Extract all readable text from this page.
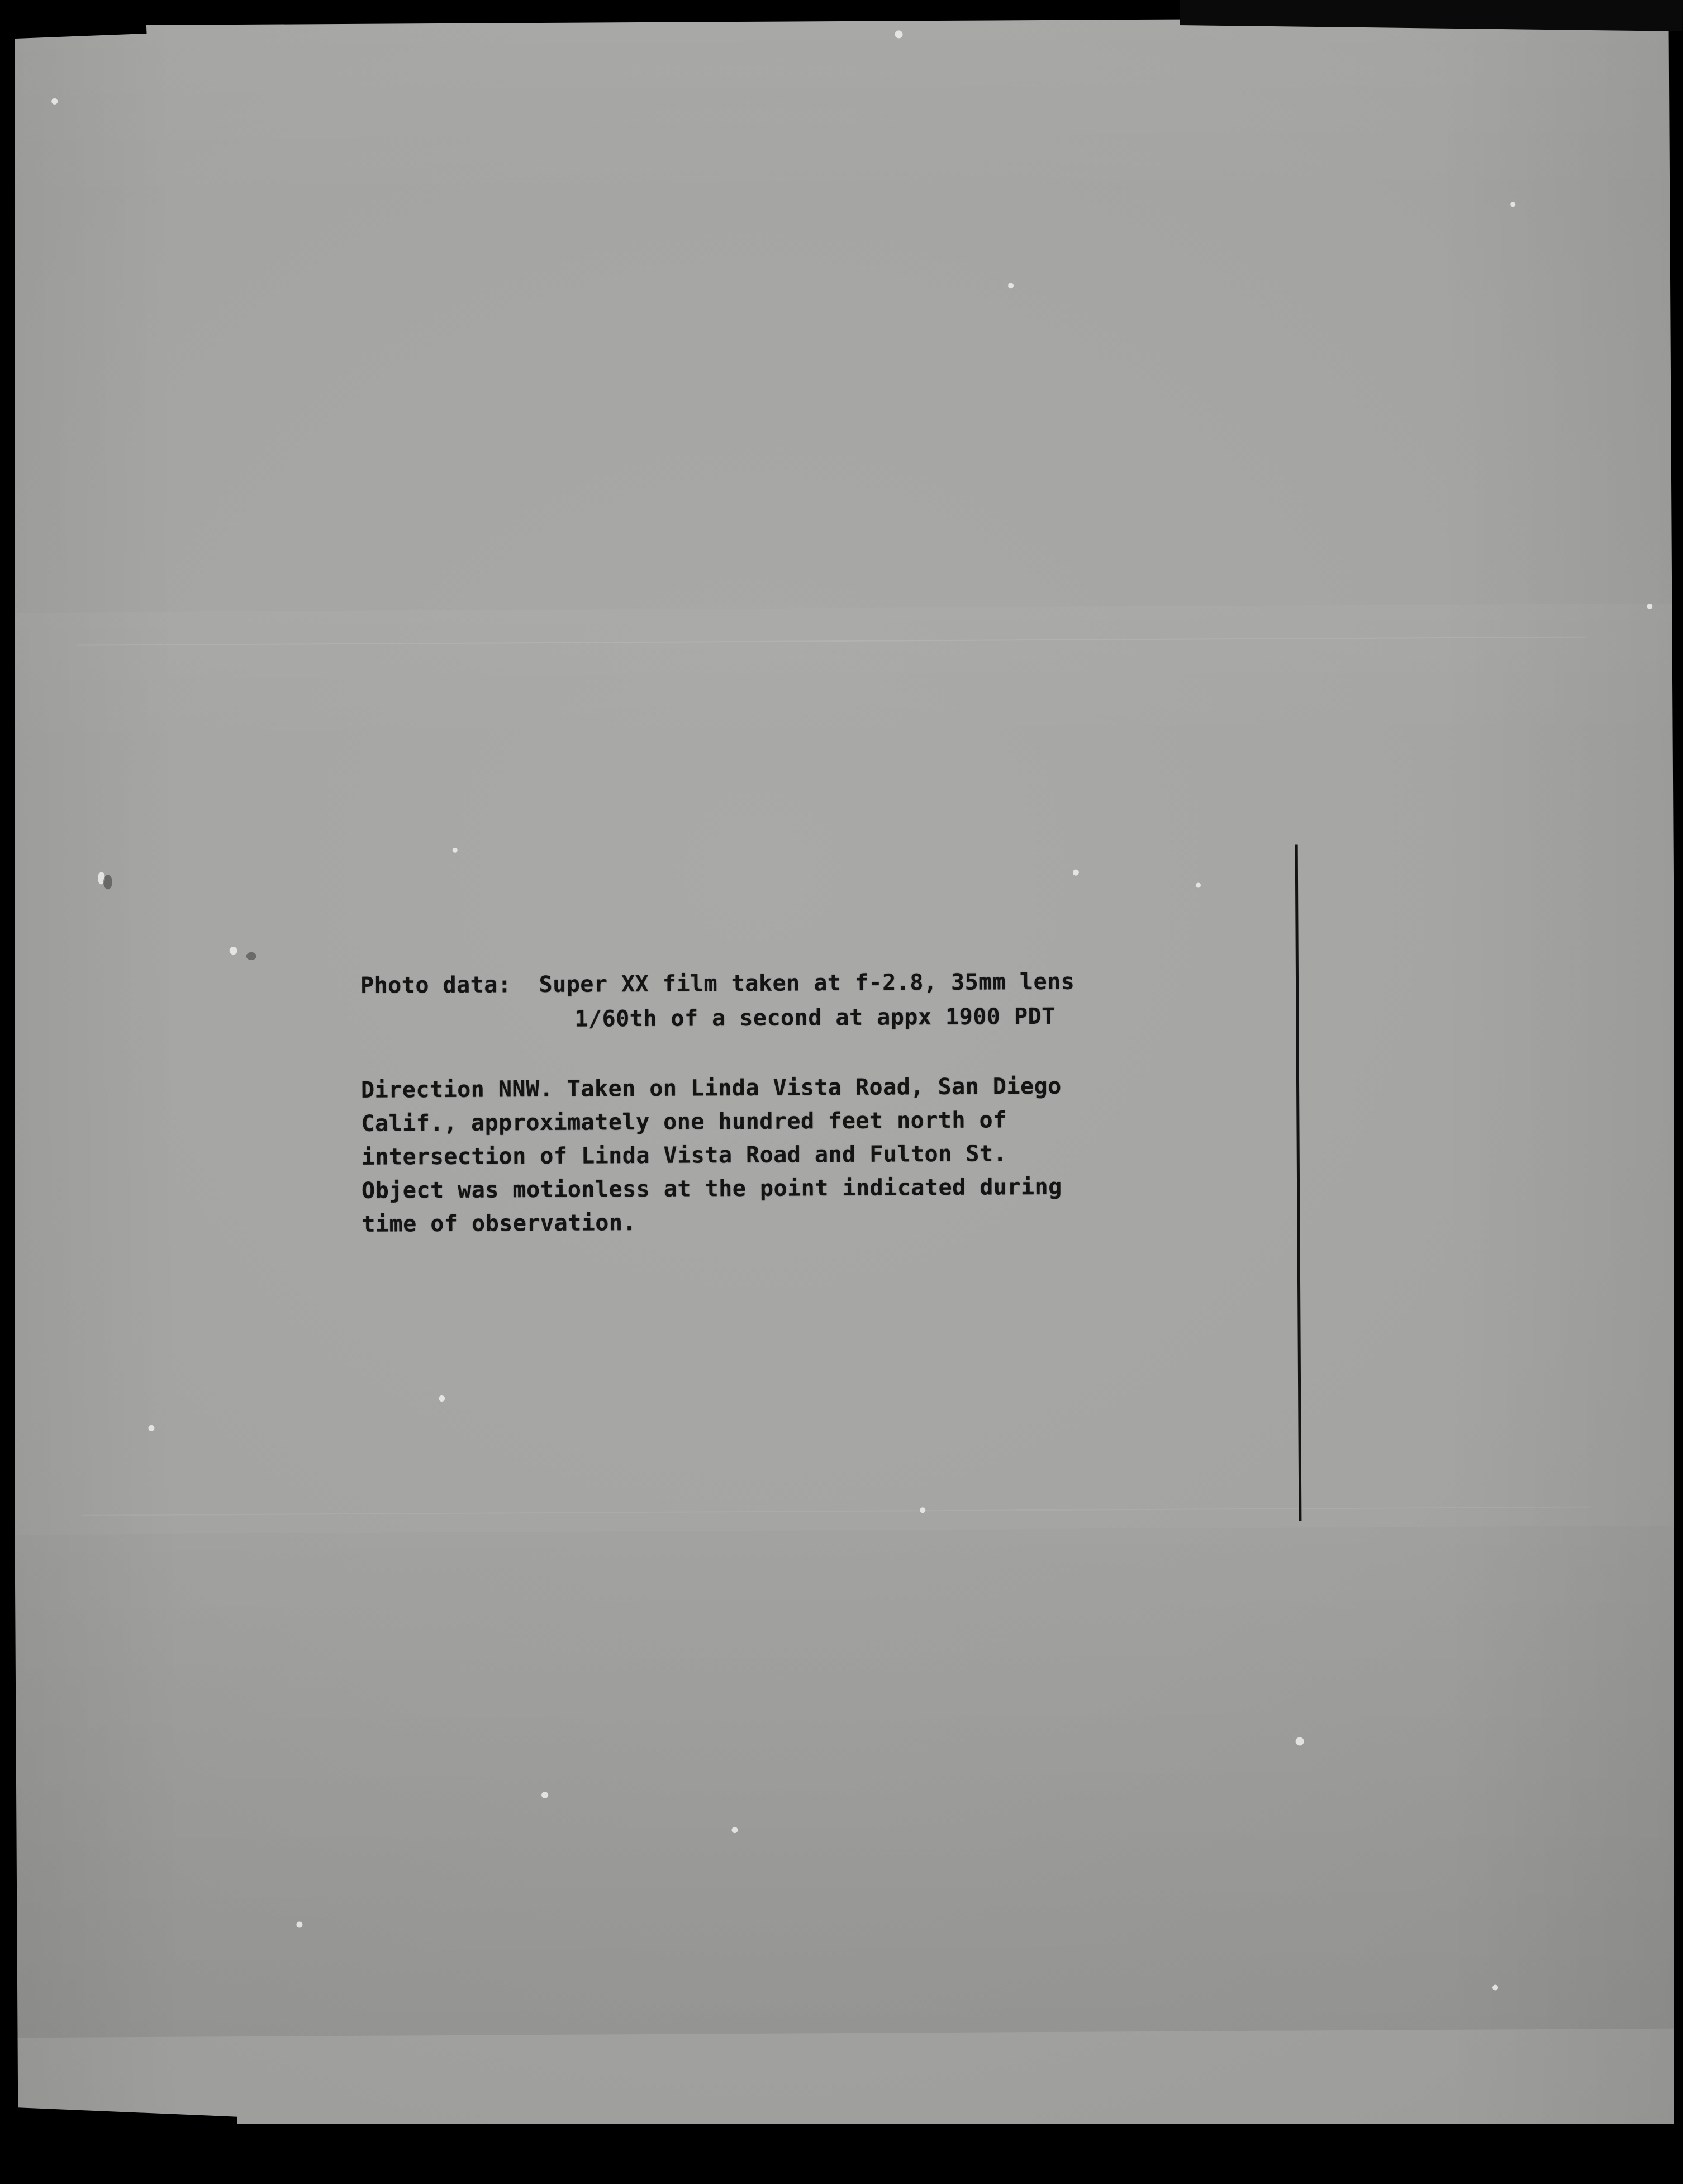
Photo data: Super XX film taken at f-2.8, 35mm lens
1/60th of a second at appx 1900 PDT
Direction NNW. Taken on Linda Vista Road, San Diego
Calif., approximately one hundred feet north of
intersection of Linda Vista Road and Fulton St.
Object was motionless at the point indicated during
time of observation.
